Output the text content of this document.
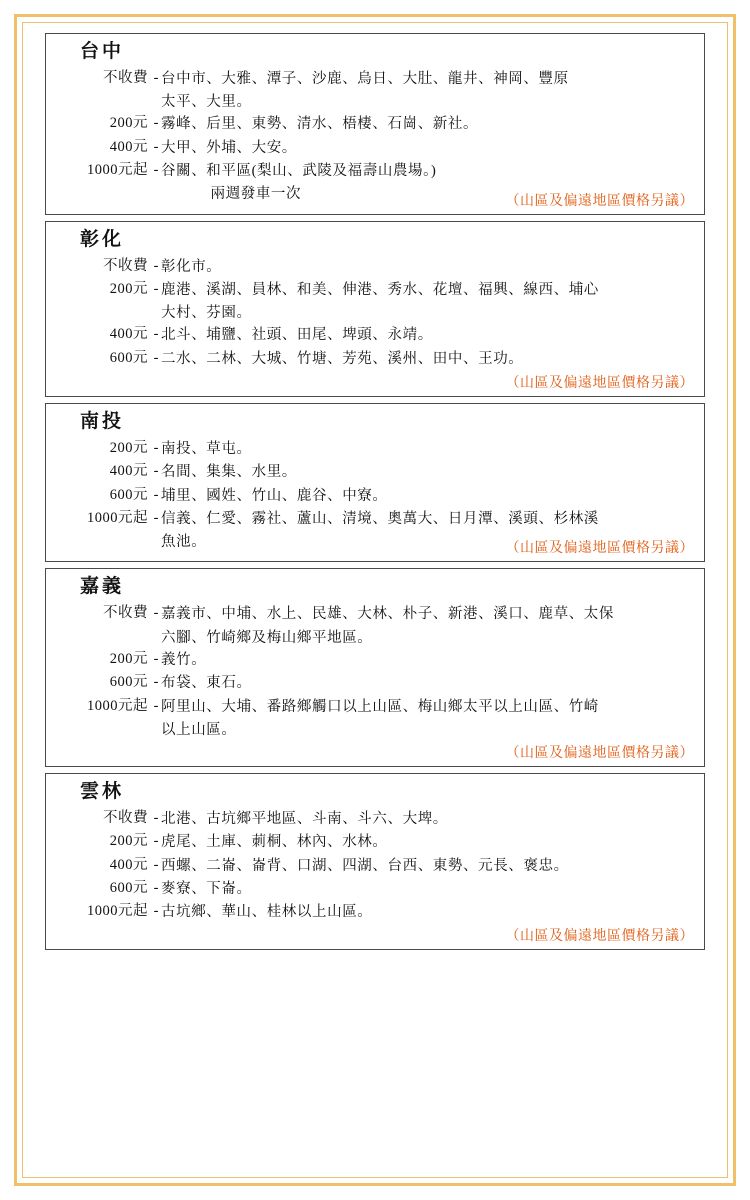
台中
不收費 - 台中市、大雅、潭子、沙鹿、烏日、大肚、龍井、神岡、豐原
太平、大里。
200元 - 霧峰、后里、東勢、清水、梧棲、石崗、新社。
400元 - 大甲、外埔、大安。
1000元起 - 谷關、和平區(梨山、武陵及福壽山農場。)
　　　 兩週發車一次	（山區及偏遠地區價格另議）
彰化
不收費 - 彰化市。
200元 - 鹿港、溪湖、員林、和美、伸港、秀水、花壇、福興、線西、埔心
大村、芬園。
400元 - 北斗、埔鹽、社頭、田尾、埤頭、永靖。
600元 - 二水、二林、大城、竹塘、芳苑、溪州、田中、王功。
（山區及偏遠地區價格另議）
南投
200元 - 南投、草屯。
400元 - 名間、集集、水里。
600元 - 埔里、國姓、竹山、鹿谷、中寮。
1000元起 - 信義、仁愛、霧社、蘆山、清境、奧萬大、日月潭、溪頭、杉林溪
魚池。	（山區及偏遠地區價格另議）
嘉義
不收費 - 嘉義市、中埔、水上、民雄、大林、朴子、新港、溪口、鹿草、太保
六腳、竹崎鄉及梅山鄉平地區。
200元 - 義竹。
600元 - 布袋、東石。
1000元起 - 阿里山、大埔、番路鄉觸口以上山區、梅山鄉太平以上山區、竹崎
以上山區。
（山區及偏遠地區價格另議）
雲林
不收費 - 北港、古坑鄉平地區、斗南、斗六、大埤。
200元 - 虎尾、土庫、莿桐、林內、水林。
400元 - 西螺、二崙、崙背、口湖、四湖、台西、東勢、元長、褒忠。
600元 - 麥寮、下崙。
1000元起 - 古坑鄉、華山、桂林以上山區。
（山區及偏遠地區價格另議）
